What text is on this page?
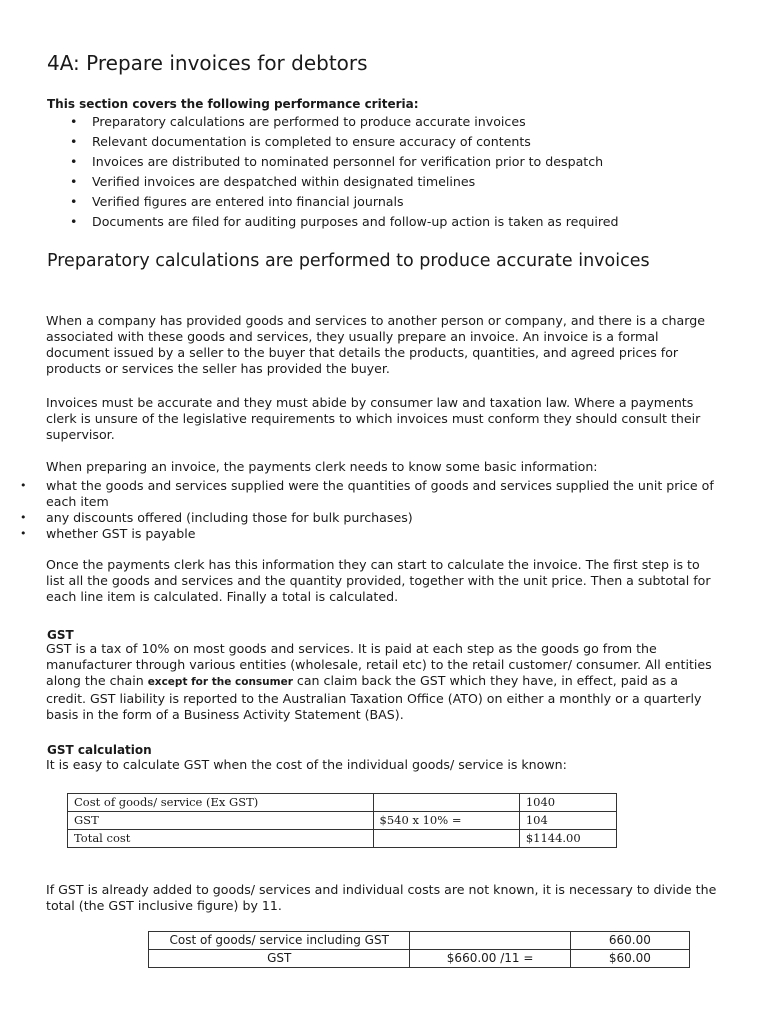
4A: Prepare invoices for debtors
This section covers the following performance criteria:
• Preparatory calculations are performed to produce accurate invoices
• Relevant documentation is completed to ensure accuracy of contents
• Invoices are distributed to nominated personnel for verification prior to despatch
• Verified invoices are despatched within designated timelines
• Verified figures are entered into financial journals
• Documents are filed for auditing purposes and follow-up action is taken as required
Preparatory calculations are performed to produce accurate invoices

When a company has provided goods and services to another person or company, and there is a charge associated with these goods and services, they usually prepare an invoice. An invoice is a formal document issued by a seller to the buyer that details the products, quantities, and agreed prices for products or services the seller has provided the buyer.

Invoices must be accurate and they must abide by consumer law and taxation law. Where a payments clerk is unsure of the legislative requirements to which invoices must conform they should consult their supervisor.

When preparing an invoice, the payments clerk needs to know some basic information:

• what the goods and services supplied were the quantities of goods and services supplied the unit price of each item
• any discounts offered (including those for bulk purchases)
• whether GST is payable

Once the payments clerk has this information they can start to calculate the invoice. The first step is to list all the goods and services and the quantity provided, together with the unit price. Then a subtotal for each line item is calculated. Finally a total is calculated.

GST

GST is a tax of 10% on most goods and services. It is paid at each step as the goods go from the manufacturer through various entities (wholesale, retail etc) to the retail customer/ consumer. All entities along the chain except for the consumer can claim back the GST which they have, in effect, paid as a credit. GST liability is reported to the Australian Taxation Office (ATO) on either a monthly or a quarterly basis in the form of a Business Activity Statement (BAS).

GST calculation

It is easy to calculate GST when the cost of the individual goods/ service is known:

Cost of goods/ service (Ex GST)		1040
GST	$540 x 10% =	104
Total cost		$1144.00

If GST is already added to goods/ services and individual costs are not known, it is necessary to divide the total (the GST inclusive figure) by 11.

Cost of goods/ service including GST		660.00
GST	$660.00 /11 =	$60.00
